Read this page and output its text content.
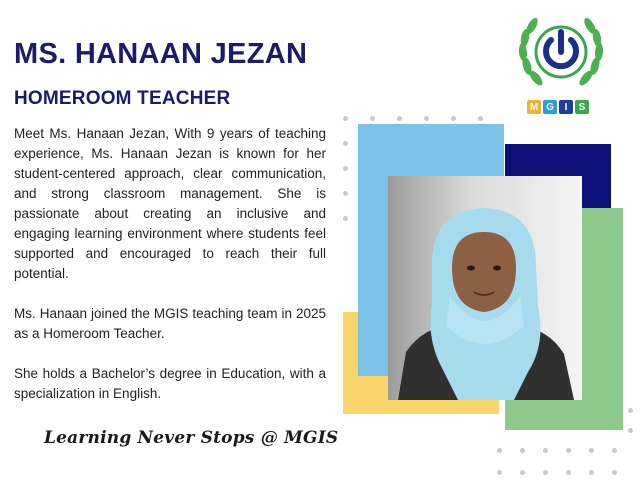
MS. HANAAN JEZAN
HOMEROOM TEACHER

Meet Ms. Hanaan Jezan, With 9 years of teaching experience, Ms. Hanaan Jezan is known for her student-centered approach, clear communication, and strong classroom management. She is passionate about creating an inclusive and engaging learning environment where students feel supported and encouraged to reach their full potential.

Ms. Hanaan joined the MGIS teaching team in 2025 as a Homeroom Teacher.

She holds a Bachelor’s degree in Education, with a specialization in English.

Learning Never Stops @ MGIS
M G	I	S
